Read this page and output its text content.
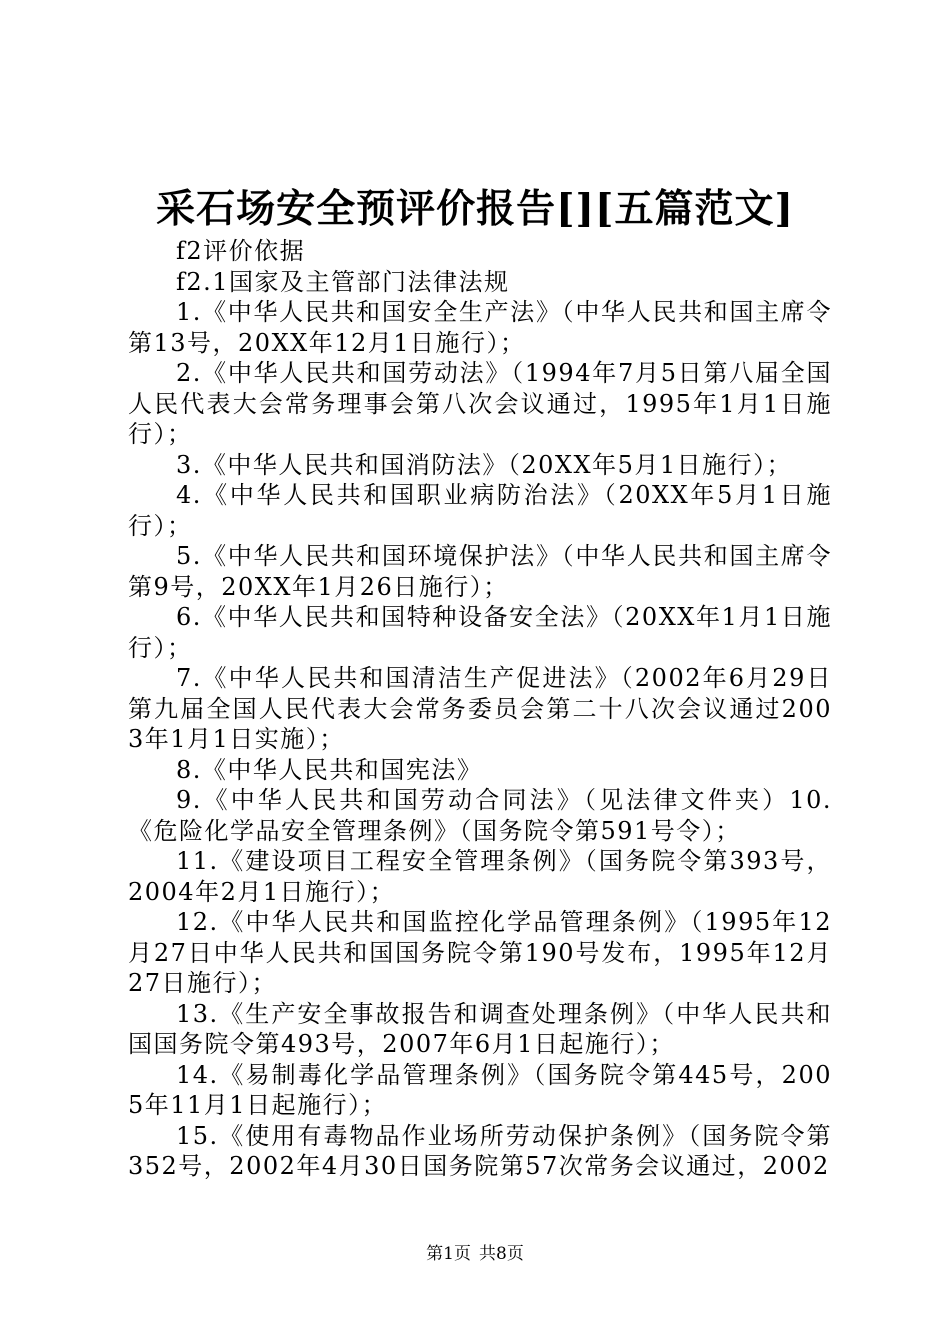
采石场安全预评价报告[][五篇范文]

f2评价依据

f2.1国家及主管部门法律法规

1.《中华人民共和国安全生产法》（中华人民共和国主席令第13号，20XX年12月1日施行）；

2.《中华人民共和国劳动法》（1994年7月5日第八届全国人民代表大会常务理事会第八次会议通过，1995年1月1日施行）；

3.《中华人民共和国消防法》（20XX年5月1日施行）；

4.《中华人民共和国职业病防治法》（20XX年5月1日施行）；

5.《中华人民共和国环境保护法》（中华人民共和国主席令第9号，20XX年1月26日施行）；

6.《中华人民共和国特种设备安全法》（20XX年1月1日施行）；

7.《中华人民共和国清洁生产促进法》（2002年6月29日第九届全国人民代表大会常务委员会第二十八次会议通过2003年1月1日实施）；

8.《中华人民共和国宪法》

9.《中华人民共和国劳动合同法》（见法律文件夹）10.《危险化学品安全管理条例》（国务院令第591号令）；

11.《建设项目工程安全管理条例》（国务院令第393号，2004年2月1日施行）；

12.《中华人民共和国监控化学品管理条例》（1995年12月27日中华人民共和国国务院令第190号发布，1995年12月27日施行）；

13.《生产安全事故报告和调查处理条例》（中华人民共和国国务院令第493号，2007年6月1日起施行）；

14.《易制毒化学品管理条例》（国务院令第445号，2005年11月1日起施行）；

15.《使用有毒物品作业场所劳动保护条例》（国务院令第352号，2002年4月30日国务院第57次常务会议通过，2002

第1页 共8页
